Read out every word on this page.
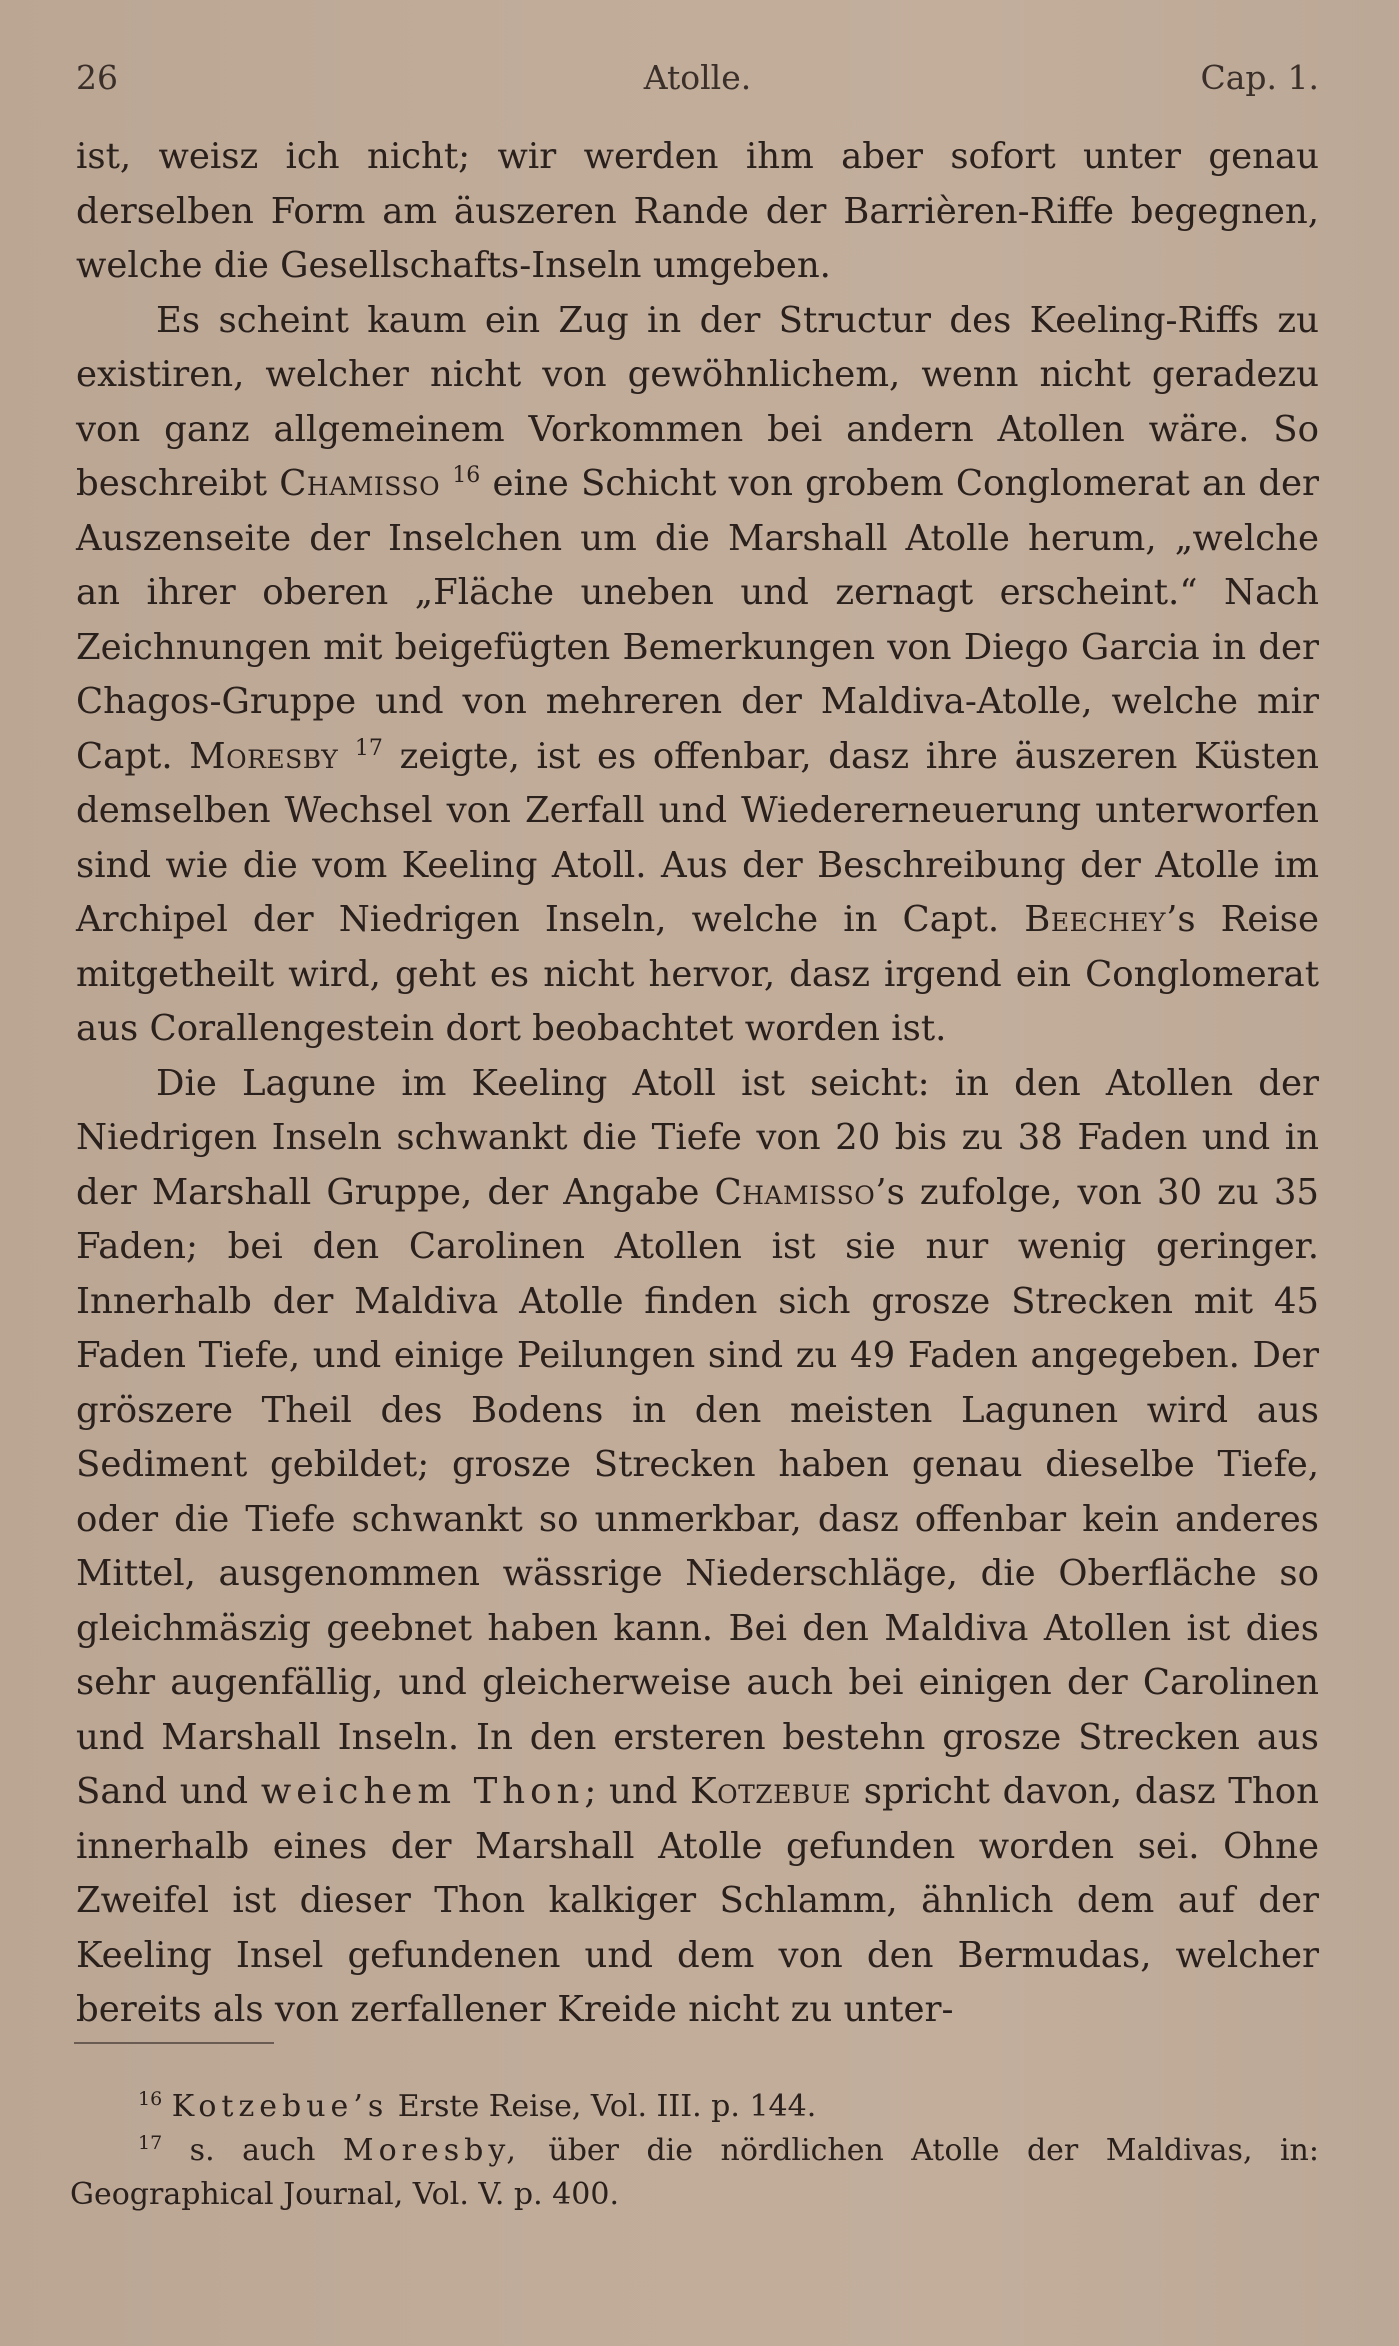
26	Atolle.	Cap. 1.

ist, weisz ich nicht; wir werden ihm aber sofort unter genau derselben Form am äuszeren Rande der Barrièren-Riffe begegnen, welche die Gesellschafts-Inseln umgeben.

Es scheint kaum ein Zug in der Structur des Keeling-Riffs zu existiren, welcher nicht von gewöhnlichem, wenn nicht geradezu von ganz allgemeinem Vorkommen bei andern Atollen wäre. So beschreibt Chamisso $^{16}$ eine Schicht von grobem Conglomerat an der Auszenseite der Inselchen um die Marshall Atolle herum, „welche an ihrer oberen „Fläche uneben und zernagt erscheint.“ Nach Zeichnungen mit beigefügten Bemerkungen von Diego Garcia in der Chagos-Gruppe und von mehreren der Maldiva-Atolle, welche mir Capt. Moresby $^{17}$ zeigte, ist es offenbar, dasz ihre äuszeren Küsten demselben Wechsel von Zerfall und Wiedererneuerung unterworfen sind wie die vom Keeling Atoll. Aus der Beschreibung der Atolle im Archipel der Niedrigen Inseln, welche in Capt. Beechey’s Reise mitgetheilt wird, geht es nicht hervor, dasz irgend ein Conglomerat aus Corallengestein dort beobachtet worden ist.

Die Lagune im Keeling Atoll ist seicht: in den Atollen der Niedrigen Inseln schwankt die Tiefe von 20 bis zu 38 Faden und in der Marshall Gruppe, der Angabe Chamisso’s zufolge, von 30 zu 35 Faden; bei den Carolinen Atollen ist sie nur wenig geringer. Innerhalb der Maldiva Atolle finden sich grosze Strecken mit 45 Faden Tiefe, und einige Peilungen sind zu 49 Faden angegeben. Der gröszere Theil des Bodens in den meisten Lagunen wird aus Sediment gebildet; grosze Strecken haben genau dieselbe Tiefe, oder die Tiefe schwankt so unmerkbar, dasz offenbar kein anderes Mittel, ausgenommen wässrige Niederschläge, die Oberfläche so gleichmäszig geebnet haben kann. Bei den Maldiva Atollen ist dies sehr augenfällig, und gleicherweise auch bei einigen der Carolinen und Marshall Inseln. In den ersteren bestehn grosze Strecken aus Sand und weichem Thon; und Kotzebue spricht davon, dasz Thon innerhalb eines der Marshall Atolle gefunden worden sei. Ohne Zweifel ist dieser Thon kalkiger Schlamm, ähnlich dem auf der Keeling Insel gefundenen und dem von den Bermudas, welcher bereits als von zerfallener Kreide nicht zu unter-

$^{16}$ Kotzebue’s Erste Reise, Vol. III. p. 144.

$^{17}$ s. auch Moresby, über die nördlichen Atolle der Maldivas, in: Geographical Journal, Vol. V. p. 400.
